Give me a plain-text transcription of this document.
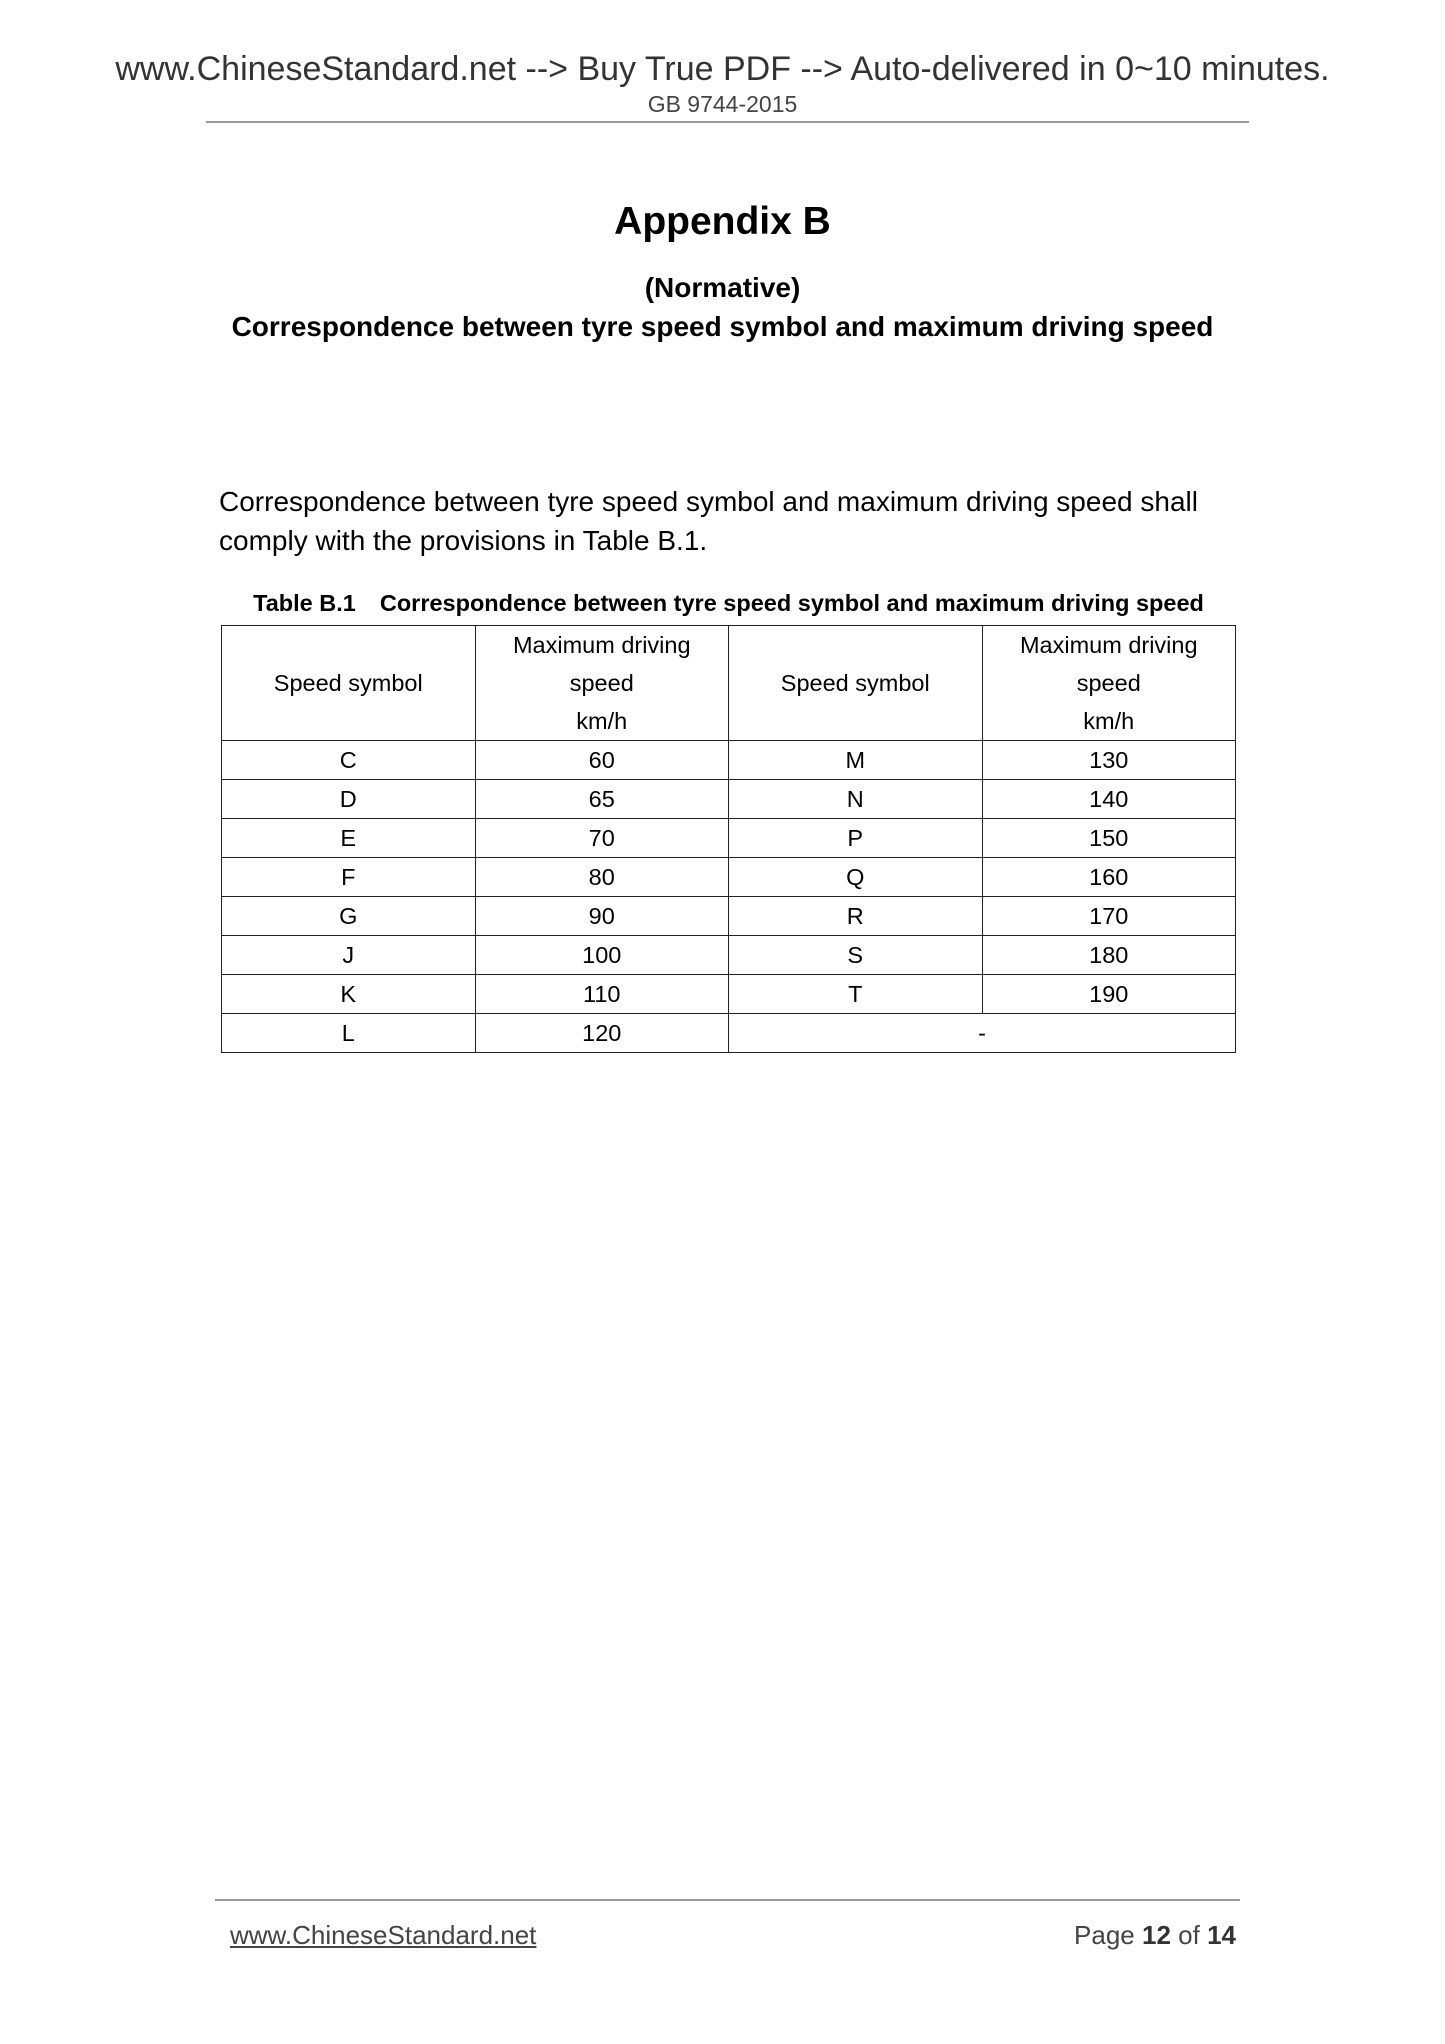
www.ChineseStandard.net --> Buy True PDF --> Auto-delivered in 0~10 minutes.
GB 9744-2015
Appendix B
(Normative)
Correspondence between tyre speed symbol and maximum driving speed
Correspondence between tyre speed symbol and maximum driving speed shall comply with the provisions in Table B.1.
Table B.1 Correspondence between tyre speed symbol and maximum driving speed
Speed symbol	Maximum driving
speed
km/h	Speed symbol	Maximum driving
speed
km/h
C	60	M	130
D	65	N	140
E	70	P	150
F	80	Q	160
G	90	R	170
J	100	S	180
K	110	T	190
L	120	-	
www.ChineseStandard.net	Page 12 of 14
